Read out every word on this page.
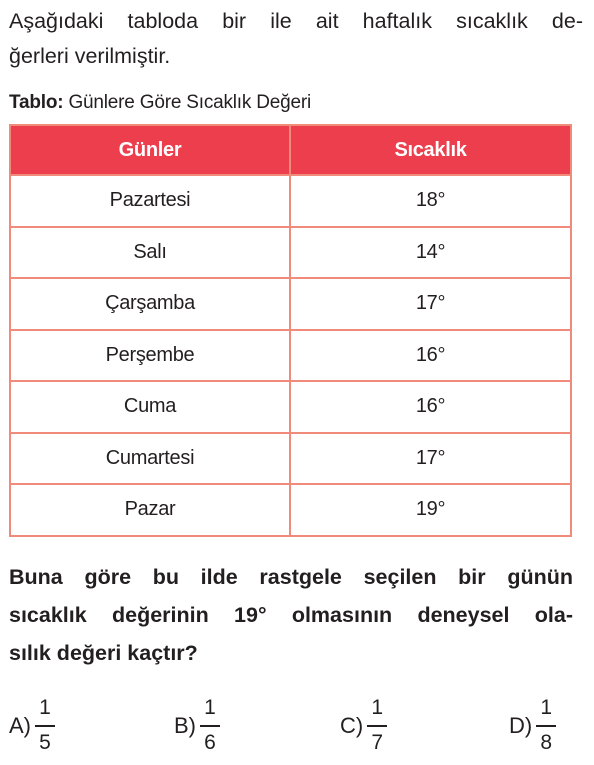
Aşağıdaki tabloda bir ile ait haftalık sıcaklık de-
ğerleri verilmiştir.

Tablo: Günlere Göre Sıcaklık Değeri

Günler	Sıcaklık
Pazartesi	18°
Salı	14°
Çarşamba	17°
Perşembe	16°
Cuma	16°
Cumartesi	17°
Pazar	19°

Buna göre bu ilde rastgele seçilen bir günün
sıcaklık değerinin 19° olmasının deneysel ola-
sılık değeri kaçtır?

$A) \frac{1}{5}$	$B) \frac{1}{6}$	$C) \frac{1}{7}$	$D) \frac{1}{8}$
